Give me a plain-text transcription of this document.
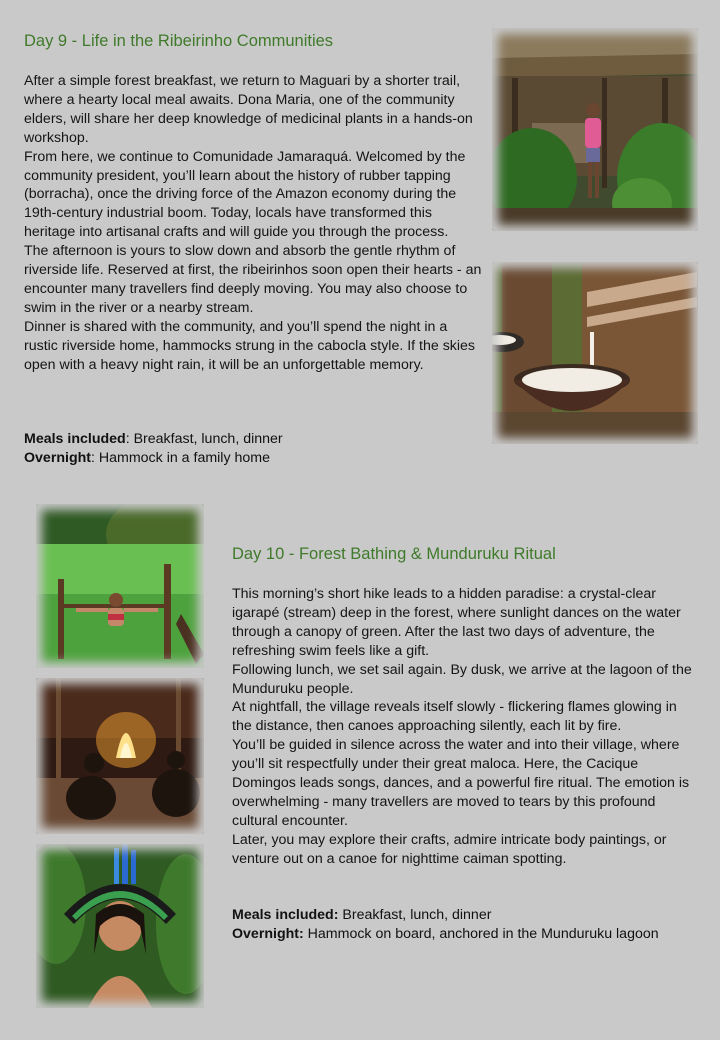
Day 9 - Life in the Ribeirinho Communities

After a simple forest breakfast, we return to Maguari by a shorter trail, where a hearty local meal awaits. Dona Maria, one of the community elders, will share her deep knowledge of medicinal plants in a hands-on workshop.

From here, we continue to Comunidade Jamaraquá. Welcomed by the community president, you’ll learn about the history of rubber tapping (borracha), once the driving force of the Amazon economy during the 19th-century industrial boom. Today, locals have transformed this heritage into artisanal crafts and will guide you through the process.

The afternoon is yours to slow down and absorb the gentle rhythm of riverside life. Reserved at first, the ribeirinhos soon open their hearts - an encounter many travellers find deeply moving. You may also choose to swim in the river or a nearby stream.

Dinner is shared with the community, and you’ll spend the night in a rustic riverside home, hammocks strung in the cabocla style. If the skies open with a heavy night rain, it will be an unforgettable memory.

Meals included: Breakfast, lunch, dinner
Overnight: Hammock in a family home
Day 10 - Forest Bathing & Munduruku Ritual

This morning’s short hike leads to a hidden paradise: a crystal-clear igarapé (stream) deep in the forest, where sunlight dances on the water through a canopy of green. After the last two days of adventure, the refreshing swim feels like a gift.

Following lunch, we set sail again. By dusk, we arrive at the lagoon of the Munduruku people.

At nightfall, the village reveals itself slowly - flickering flames glowing in the distance, then canoes approaching silently, each lit by fire.

You’ll be guided in silence across the water and into their village, where you’ll sit respectfully under their great maloca. Here, the Cacique Domingos leads songs, dances, and a powerful fire ritual. The emotion is overwhelming - many travellers are moved to tears by this profound cultural encounter.

Later, you may explore their crafts, admire intricate body paintings, or venture out on a canoe for nighttime caiman spotting.

Meals included: Breakfast, lunch, dinner
Overnight: Hammock on board, anchored in the Munduruku lagoon
